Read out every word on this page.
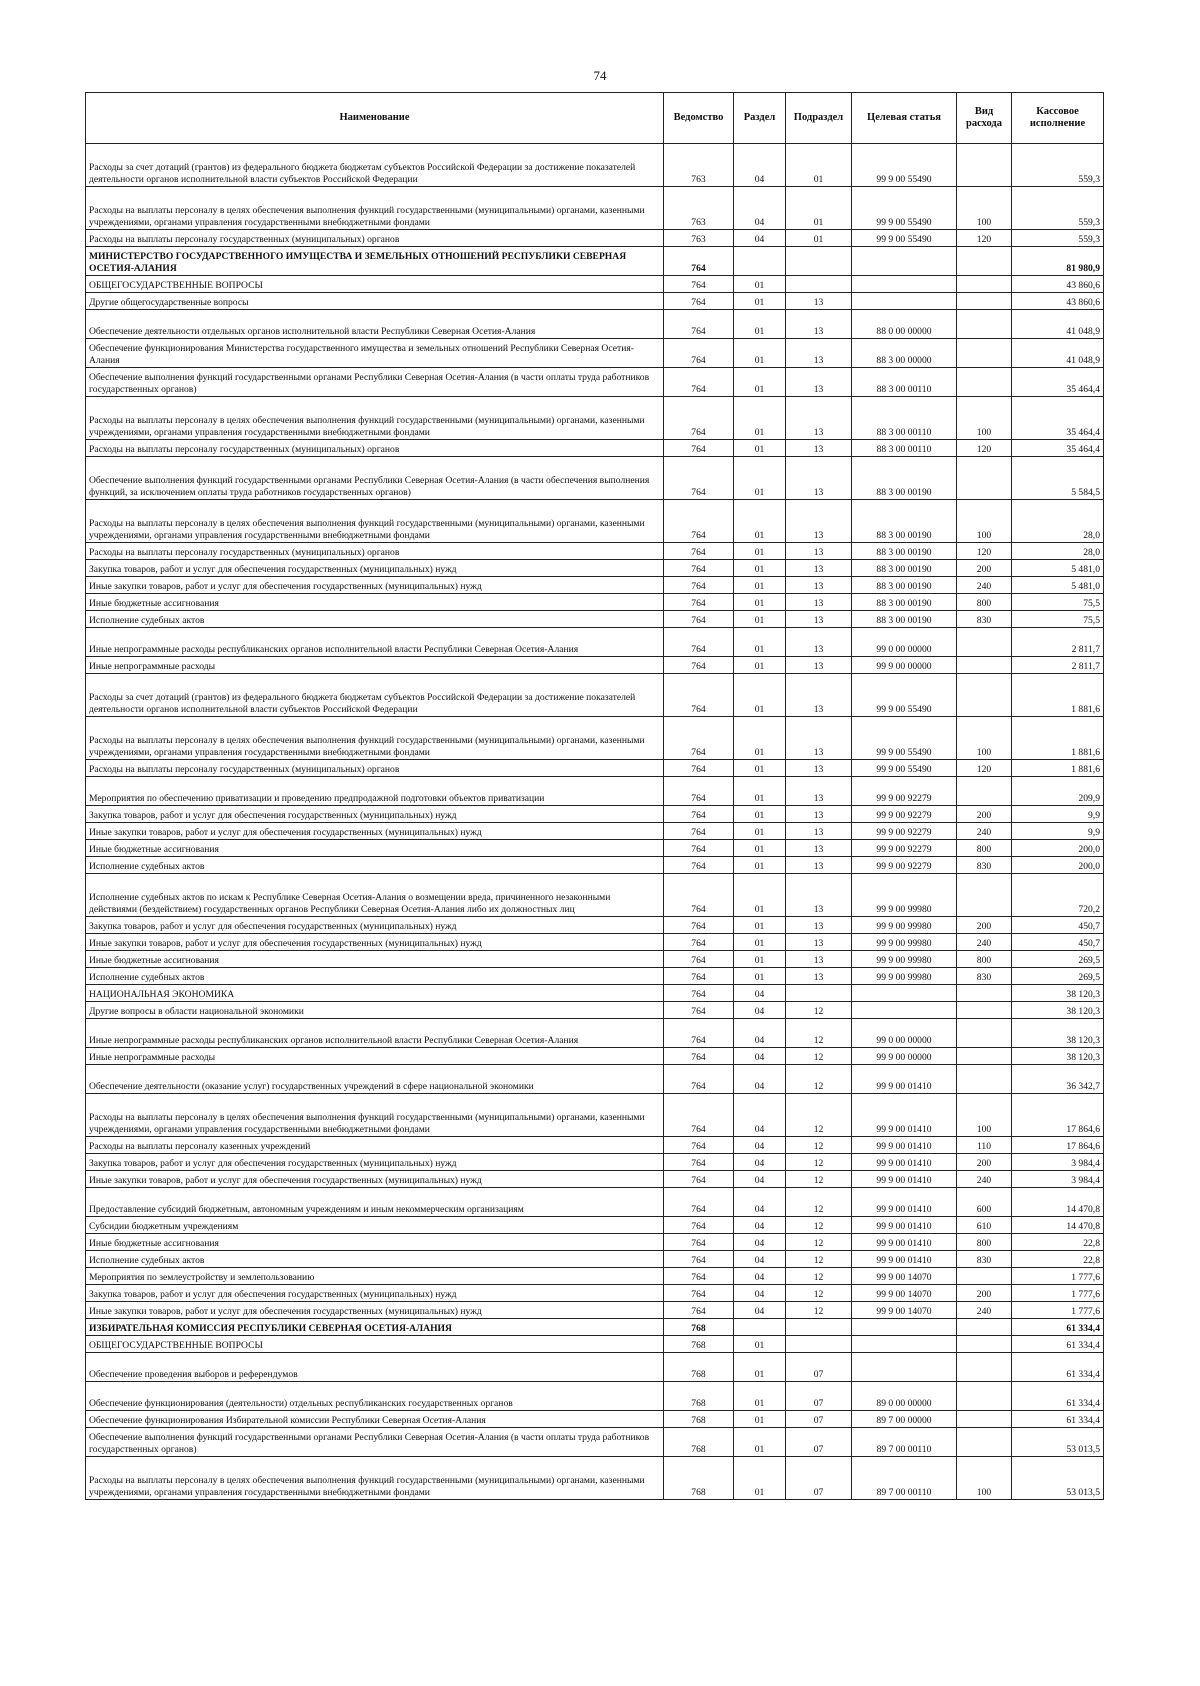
74
Наименование	Ведомство	Раздел	Подраздел	Целевая статья	Вид расхода	Кассовое исполнение
Расходы за счет дотаций (грантов) из федерального бюджета бюджетам субъектов Российской Федерации за достижение показателей деятельности органов исполнительной власти субъектов Российской Федерации	763	04	01	99 9 00 55490		559,3
Расходы на выплаты персоналу в целях обеспечения выполнения функций государственными (муниципальными) органами, казенными учреждениями, органами управления государственными внебюджетными фондами	763	04	01	99 9 00 55490	100	559,3
Расходы на выплаты персоналу государственных (муниципальных) органов	763	04	01	99 9 00 55490	120	559,3
МИНИСТЕРСТВО ГОСУДАРСТВЕННОГО ИМУЩЕСТВА И ЗЕМЕЛЬНЫХ ОТНОШЕНИЙ РЕСПУБЛИКИ СЕВЕРНАЯ ОСЕТИЯ-АЛАНИЯ	764					81 980,9
ОБЩЕГОСУДАРСТВЕННЫЕ ВОПРОСЫ	764	01				43 860,6
Другие общегосударственные вопросы	764	01	13			43 860,6
Обеспечение деятельности отдельных органов исполнительной власти Республики Северная Осетия-Алания	764	01	13	88 0 00 00000		41 048,9
Обеспечение функционирования Министерства государственного имущества и земельных отношений Республики Северная Осетия-Алания	764	01	13	88 3 00 00000		41 048,9
Обеспечение выполнения функций государственными органами Республики Северная Осетия-Алания (в части оплаты труда работников государственных органов)	764	01	13	88 3 00 00110		35 464,4
Расходы на выплаты персоналу в целях обеспечения выполнения функций государственными (муниципальными) органами, казенными учреждениями, органами управления государственными внебюджетными фондами	764	01	13	88 3 00 00110	100	35 464,4
Расходы на выплаты персоналу государственных (муниципальных) органов	764	01	13	88 3 00 00110	120	35 464,4
Обеспечение выполнения функций государственными органами Республики Северная Осетия-Алания (в части обеспечения выполнения функций, за исключением оплаты труда работников государственных органов)	764	01	13	88 3 00 00190		5 584,5
Расходы на выплаты персоналу в целях обеспечения выполнения функций государственными (муниципальными) органами, казенными учреждениями, органами управления государственными внебюджетными фондами	764	01	13	88 3 00 00190	100	28,0
Расходы на выплаты персоналу государственных (муниципальных) органов	764	01	13	88 3 00 00190	120	28,0
Закупка товаров, работ и услуг для обеспечения государственных (муниципальных) нужд	764	01	13	88 3 00 00190	200	5 481,0
Иные закупки товаров, работ и услуг для обеспечения государственных (муниципальных) нужд	764	01	13	88 3 00 00190	240	5 481,0
Иные бюджетные ассигнования	764	01	13	88 3 00 00190	800	75,5
Исполнение судебных актов	764	01	13	88 3 00 00190	830	75,5
Иные непрограммные расходы республиканских органов исполнительной власти Республики Северная Осетия-Алания	764	01	13	99 0 00 00000		2 811,7
Иные непрограммные расходы	764	01	13	99 9 00 00000		2 811,7
Расходы за счет дотаций (грантов) из федерального бюджета бюджетам субъектов Российской Федерации за достижение показателей деятельности органов исполнительной власти субъектов Российской Федерации	764	01	13	99 9 00 55490		1 881,6
Расходы на выплаты персоналу в целях обеспечения выполнения функций государственными (муниципальными) органами, казенными учреждениями, органами управления государственными внебюджетными фондами	764	01	13	99 9 00 55490	100	1 881,6
Расходы на выплаты персоналу государственных (муниципальных) органов	764	01	13	99 9 00 55490	120	1 881,6
Мероприятия по обеспечению приватизации и проведению предпродажной подготовки объектов приватизации	764	01	13	99 9 00 92279		209,9
Закупка товаров, работ и услуг для обеспечения государственных (муниципальных) нужд	764	01	13	99 9 00 92279	200	9,9
Иные закупки товаров, работ и услуг для обеспечения государственных (муниципальных) нужд	764	01	13	99 9 00 92279	240	9,9
Иные бюджетные ассигнования	764	01	13	99 9 00 92279	800	200,0
Исполнение судебных актов	764	01	13	99 9 00 92279	830	200,0
Исполнение судебных актов по искам к Республике Северная Осетия-Алания о возмещении вреда, причиненного незаконными действиями (бездействием) государственных органов Республики Северная Осетия-Алания либо их должностных лиц	764	01	13	99 9 00 99980		720,2
Закупка товаров, работ и услуг для обеспечения государственных (муниципальных) нужд	764	01	13	99 9 00 99980	200	450,7
Иные закупки товаров, работ и услуг для обеспечения государственных (муниципальных) нужд	764	01	13	99 9 00 99980	240	450,7
Иные бюджетные ассигнования	764	01	13	99 9 00 99980	800	269,5
Исполнение судебных актов	764	01	13	99 9 00 99980	830	269,5
НАЦИОНАЛЬНАЯ ЭКОНОМИКА	764	04				38 120,3
Другие вопросы в области национальной экономики	764	04	12			38 120,3
Иные непрограммные расходы республиканских органов исполнительной власти Республики Северная Осетия-Алания	764	04	12	99 0 00 00000		38 120,3
Иные непрограммные расходы	764	04	12	99 9 00 00000		38 120,3
Обеспечение деятельности (оказание услуг) государственных учреждений в сфере национальной экономики	764	04	12	99 9 00 01410		36 342,7
Расходы на выплаты персоналу в целях обеспечения выполнения функций государственными (муниципальными) органами, казенными учреждениями, органами управления государственными внебюджетными фондами	764	04	12	99 9 00 01410	100	17 864,6
Расходы на выплаты персоналу казенных учреждений	764	04	12	99 9 00 01410	110	17 864,6
Закупка товаров, работ и услуг для обеспечения государственных (муниципальных) нужд	764	04	12	99 9 00 01410	200	3 984,4
Иные закупки товаров, работ и услуг для обеспечения государственных (муниципальных) нужд	764	04	12	99 9 00 01410	240	3 984,4
Предоставление субсидий бюджетным, автономным учреждениям и иным некоммерческим организациям	764	04	12	99 9 00 01410	600	14 470,8
Субсидии бюджетным учреждениям	764	04	12	99 9 00 01410	610	14 470,8
Иные бюджетные ассигнования	764	04	12	99 9 00 01410	800	22,8
Исполнение судебных актов	764	04	12	99 9 00 01410	830	22,8
Мероприятия по землеустройству и землепользованию	764	04	12	99 9 00 14070		1 777,6
Закупка товаров, работ и услуг для обеспечения государственных (муниципальных) нужд	764	04	12	99 9 00 14070	200	1 777,6
Иные закупки товаров, работ и услуг для обеспечения государственных (муниципальных) нужд	764	04	12	99 9 00 14070	240	1 777,6
ИЗБИРАТЕЛЬНАЯ КОМИССИЯ РЕСПУБЛИКИ СЕВЕРНАЯ ОСЕТИЯ-АЛАНИЯ	768					61 334,4
ОБЩЕГОСУДАРСТВЕННЫЕ ВОПРОСЫ	768	01				61 334,4
Обеспечение проведения выборов и референдумов	768	01	07			61 334,4
Обеспечение функционирования (деятельности) отдельных республиканских государственных органов	768	01	07	89 0 00 00000		61 334,4
Обеспечение функционирования Избирательной комиссии Республики Северная Осетия-Алания	768	01	07	89 7 00 00000		61 334,4
Обеспечение выполнения функций государственными органами Республики Северная Осетия-Алания (в части оплаты труда работников государственных органов)	768	01	07	89 7 00 00110		53 013,5
Расходы на выплаты персоналу в целях обеспечения выполнения функций государственными (муниципальными) органами, казенными учреждениями, органами управления государственными внебюджетными фондами	768	01	07	89 7 00 00110	100	53 013,5
